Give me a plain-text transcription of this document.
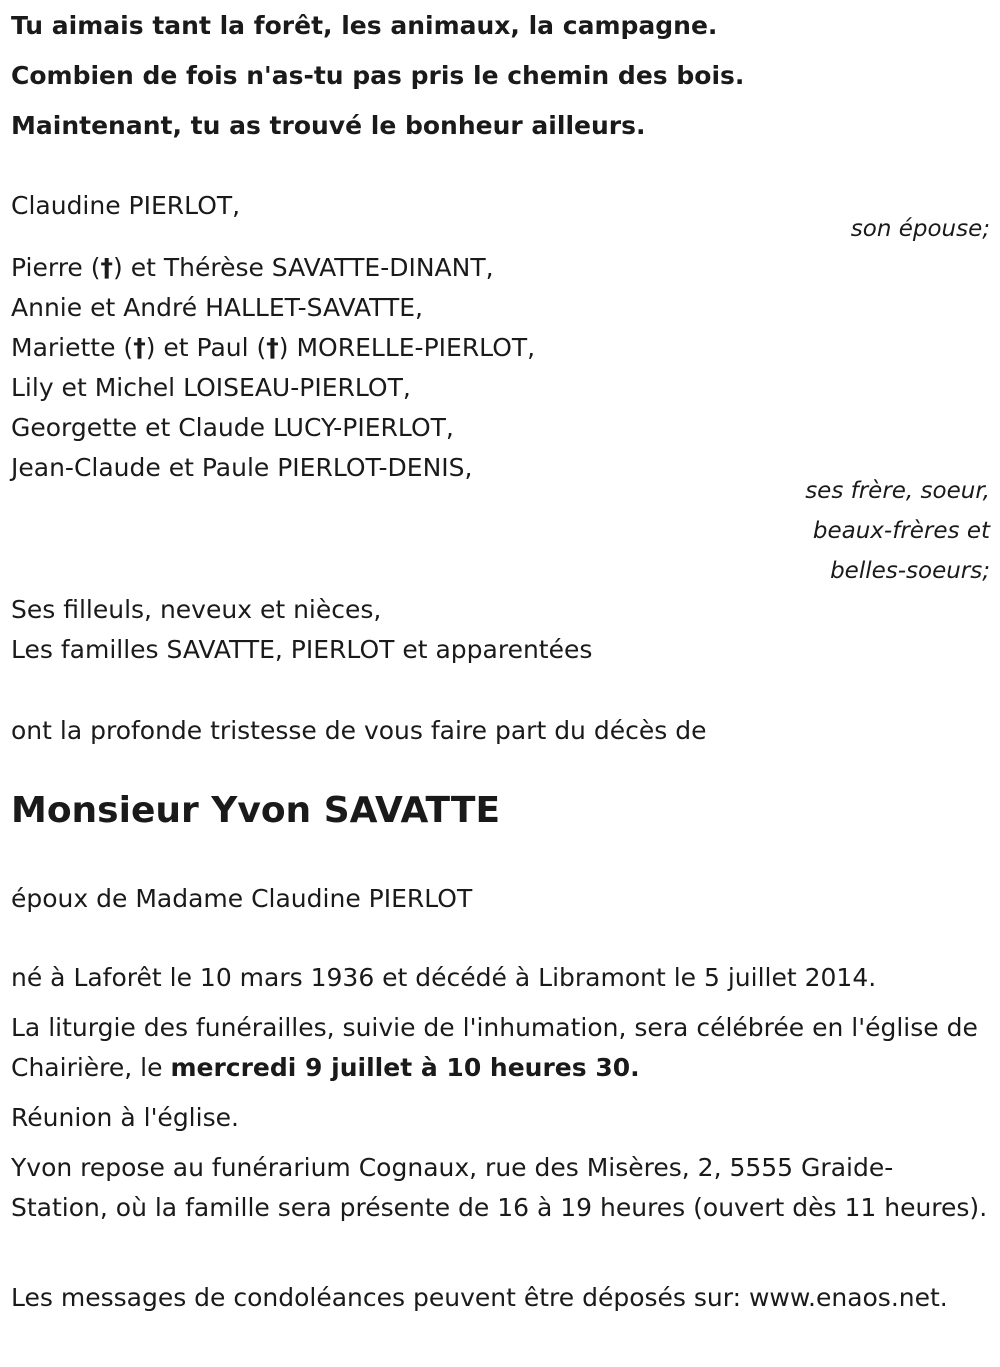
Tu aimais tant la forêt, les animaux, la campagne.

Combien de fois n'as-tu pas pris le chemin des bois.

Maintenant, tu as trouvé le bonheur ailleurs.

Claudine PIERLOT,

son épouse;

Pierre (†) et Thérèse SAVATTE-DINANT,

Annie et André HALLET-SAVATTE,

Mariette (†) et Paul (†) MORELLE-PIERLOT,

Lily et Michel LOISEAU-PIERLOT,

Georgette et Claude LUCY-PIERLOT,

Jean-Claude et Paule PIERLOT-DENIS,

ses frère, soeur,

beaux-frères et

belles-soeurs;

Ses filleuls, neveux et nièces,

Les familles SAVATTE, PIERLOT et apparentées

ont la profonde tristesse de vous faire part du décès de

Monsieur Yvon SAVATTE

époux de Madame Claudine PIERLOT

né à Laforêt le 10 mars 1936 et décédé à Libramont le 5 juillet 2014.

La liturgie des funérailles, suivie de l'inhumation, sera célébrée en l'église de Chairière, le mercredi 9 juillet à 10 heures 30.

Réunion à l'église.

Yvon repose au funérarium Cognaux, rue des Misères, 2, 5555 Graide-Station, où la famille sera présente de 16 à 19 heures (ouvert dès 11 heures).

Les messages de condoléances peuvent être déposés sur: www.enaos.net.
